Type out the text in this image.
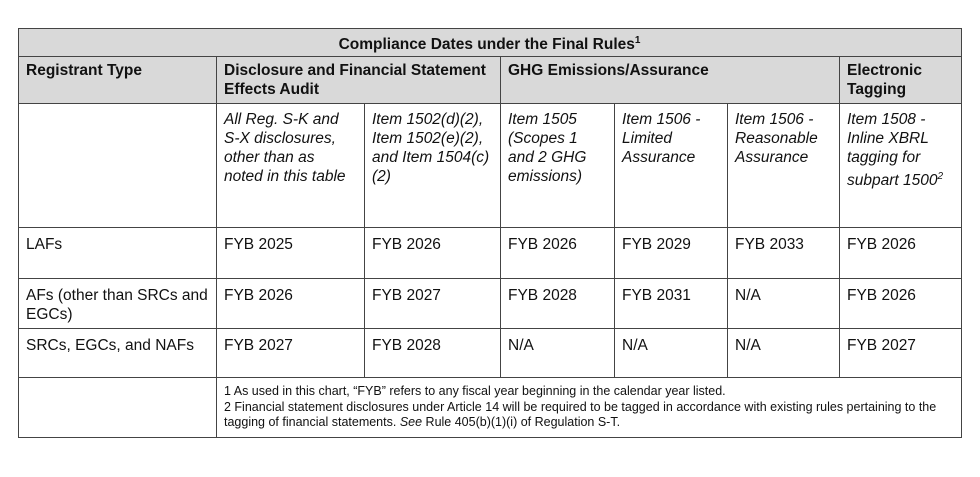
Compliance Dates under the Final Rules$^1$
Registrant Type	Disclosure and Financial Statement Effects Audit		GHG Emissions/Assurance			Electronic Tagging
	All Reg. S-K and S-X disclosures, other than as noted in this table	Item 1502(d)(2), Item 1502(e)(2), and Item 1504(c)(2)	Item 1505 (Scopes 1 and 2 GHG emissions)	Item 1506 - Limited Assurance	Item 1506 - Reasonable Assurance	Item 1508 - Inline XBRL tagging for subpart 1500$^2$
LAFs	FYB 2025	FYB 2026	FYB 2026	FYB 2029	FYB 2033	FYB 2026
AFs (other than SRCs and EGCs)	FYB 2026	FYB 2027	FYB 2028	FYB 2031	N/A	FYB 2026
SRCs, EGCs, and NAFs	FYB 2027	FYB 2028	N/A	N/A	N/A	FYB 2027

	1 As used in this chart, “FYB” refers to any fiscal year beginning in the calendar year listed.
2 Financial statement disclosures under Article 14 will be required to be tagged in accordance with existing rules pertaining to the tagging of financial statements. See Rule 405(b)(1)(i) of Regulation S-T.					
